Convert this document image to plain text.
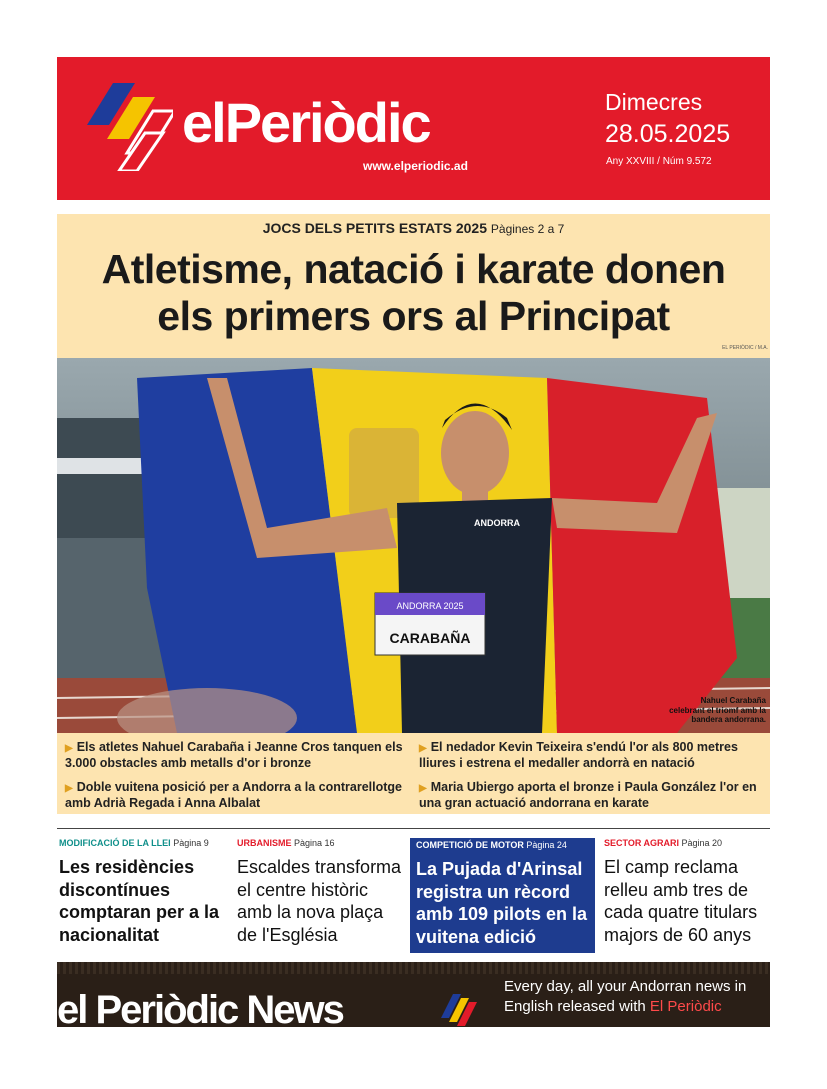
elPeriòdic
www.elperiodic.ad
Dimecres
28.05.2025
Any XXVIII / Núm 9.572
JOCS DELS PETITS ESTATS 2025 Pàgines 2 a 7
Atletisme, natació i karate donen
els primers ors al Principat
EL PERIÒDIC / M.A.
ANDORRA 2025
CARABAÑA
ANDORRA
Nahuel Carabaña
celebrant el triomf amb la
bandera andorrana.
▶ Els atletes Nahuel Carabaña i Jeanne Cros tanquen els 3.000 obstacles amb metalls d'or i bronze
▶ Doble vuitena posició per a Andorra a la contrarellotge amb Adrià Regada i Anna Albalat
▶ El nedador Kevin Teixeira s'endú l'or als 800 metres lliures i estrena el medaller andorrà en natació
▶ Maria Ubiergo aporta el bronze i Paula González l'or en una gran actuació andorrana en karate
MODIFICACIÓ DE LA LLEI Pàgina 9
Les residències discontínues comptaran per a la nacionalitat
URBANISME Pàgina 16
Escaldes transforma el centre històric amb la nova plaça de l'Església
COMPETICIÓ DE MOTOR Pàgina 24
La Pujada d'Arinsal registra un rècord amb 109 pilots en la vuitena edició
SECTOR AGRARI Pàgina 20
El camp reclama relleu amb tres de cada quatre titulars majors de 60 anys
el Periòdic News
Every day, all your Andorran news in
English released with El Periòdic
